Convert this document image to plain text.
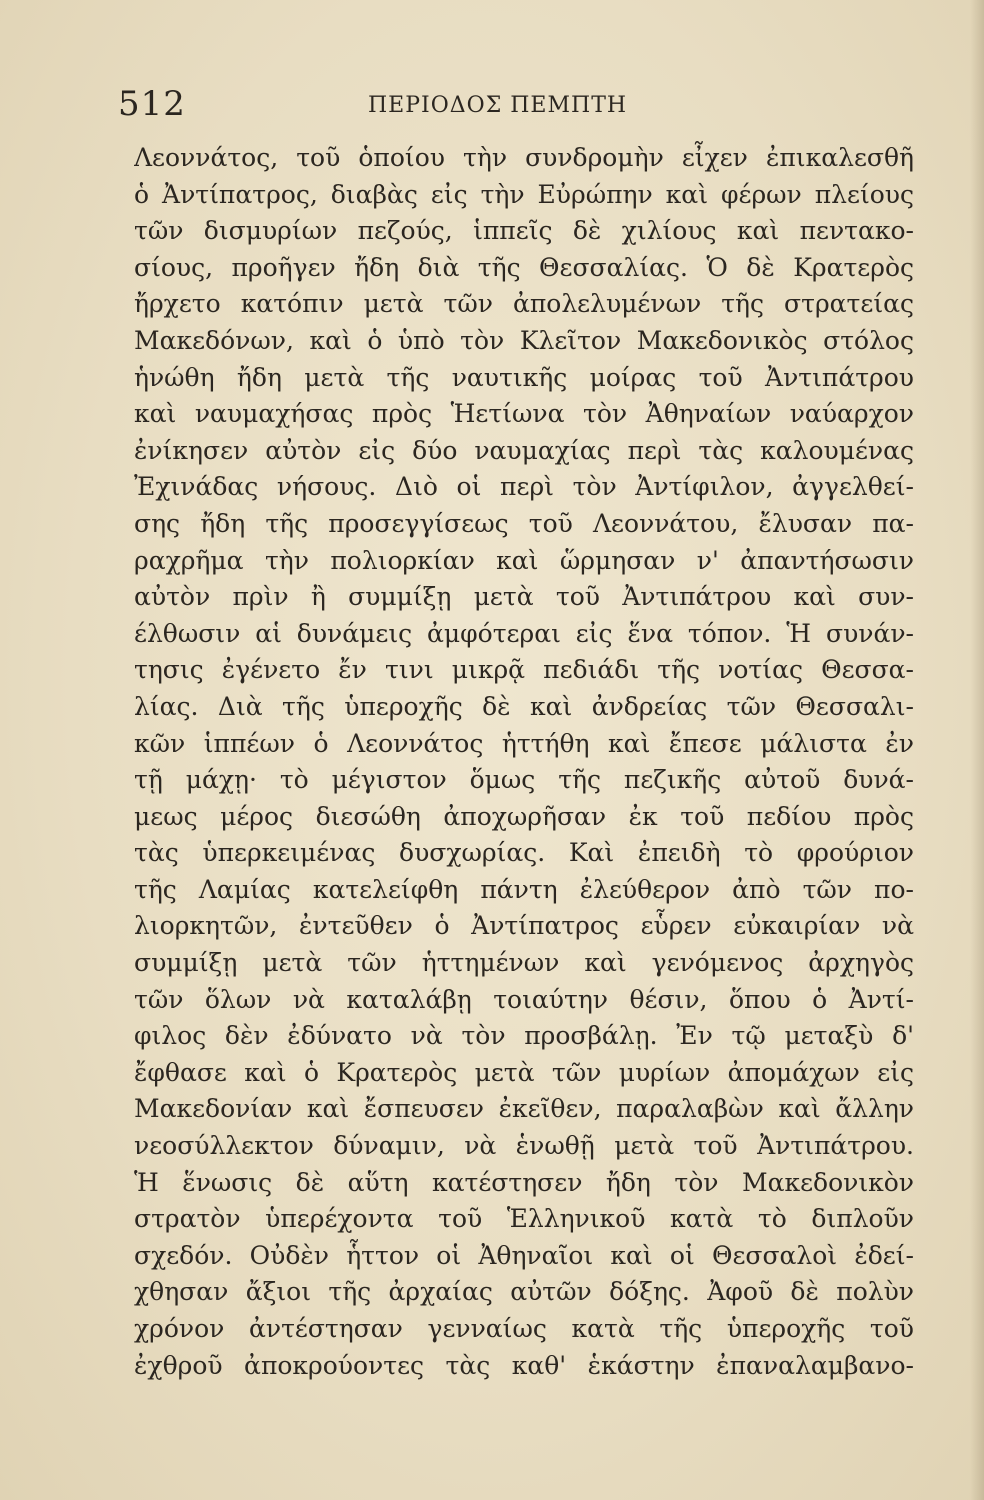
512	ΠΕΡΙΟΔΟΣ ΠΕΜΠΤΗ
Λεοννάτος, τοῦ ὁποίου τὴν συνδρομὴν εἶχεν ἐπικαλεσθῆ
ὁ Ἀντίπατρος, διαβὰς εἰς τὴν Εὐρώπην καὶ φέρων πλείους
τῶν δισμυρίων πεζούς, ἱππεῖς δὲ χιλίους καὶ πεντακο-
σίους, προῆγεν ἤδη διὰ τῆς Θεσσαλίας. Ὁ δὲ Κρατερὸς
ἤρχετο κατόπιν μετὰ τῶν ἀπολελυμένων τῆς στρατείας
Μακεδόνων, καὶ ὁ ὑπὸ τὸν Κλεῖτον Μακεδονικὸς στόλος
ἡνώθη ἤδη μετὰ τῆς ναυτικῆς μοίρας τοῦ Ἀντιπάτρου
καὶ ναυμαχήσας πρὸς Ἡετίωνα τὸν Ἀθηναίων ναύαρχον
ἐνίκησεν αὐτὸν εἰς δύο ναυμαχίας περὶ τὰς καλουμένας
Ἐχινάδας νήσους. Διὸ οἱ περὶ τὸν Ἀντίφιλον, ἀγγελθεί-
σης ἤδη τῆς προσεγγίσεως τοῦ Λεοννάτου, ἔλυσαν πα-
ραχρῆμα τὴν πολιορκίαν καὶ ὥρμησαν ν' ἀπαντήσωσιν
αὐτὸν πρὶν ἢ συμμίξῃ μετὰ τοῦ Ἀντιπάτρου καὶ συν-
έλθωσιν αἱ δυνάμεις ἀμφότεραι εἰς ἕνα τόπον. Ἡ συνάν-
τησις ἐγένετο ἔν τινι μικρᾷ πεδιάδι τῆς νοτίας Θεσσα-
λίας. Διὰ τῆς ὑπεροχῆς δὲ καὶ ἀνδρείας τῶν Θεσσαλι-
κῶν ἱππέων ὁ Λεοννάτος ἡττήθη καὶ ἔπεσε μάλιστα ἐν
τῇ μάχῃ· τὸ μέγιστον ὅμως τῆς πεζικῆς αὐτοῦ δυνά-
μεως μέρος διεσώθη ἀποχωρῆσαν ἐκ τοῦ πεδίου πρὸς
τὰς ὑπερκειμένας δυσχωρίας. Καὶ ἐπειδὴ τὸ φρούριον
τῆς Λαμίας κατελείφθη πάντη ἐλεύθερον ἀπὸ τῶν πο-
λιορκητῶν, ἐντεῦθεν ὁ Ἀντίπατρος εὗρεν εὐκαιρίαν νὰ
συμμίξῃ μετὰ τῶν ἡττημένων καὶ γενόμενος ἀρχηγὸς
τῶν ὅλων νὰ καταλάβῃ τοιαύτην θέσιν, ὅπου ὁ Ἀντί-
φιλος δὲν ἐδύνατο νὰ τὸν προσβάλῃ. Ἐν τῷ μεταξὺ δ'
ἔφθασε καὶ ὁ Κρατερὸς μετὰ τῶν μυρίων ἀπομάχων εἰς
Μακεδονίαν καὶ ἔσπευσεν ἐκεῖθεν, παραλαβὼν καὶ ἄλλην
νεοσύλλεκτον δύναμιν, νὰ ἑνωθῇ μετὰ τοῦ Ἀντιπάτρου.
Ἡ ἕνωσις δὲ αὕτη κατέστησεν ἤδη τὸν Μακεδονικὸν
στρατὸν ὑπερέχοντα τοῦ Ἑλληνικοῦ κατὰ τὸ διπλοῦν
σχεδόν. Οὐδὲν ἧττον οἱ Ἀθηναῖοι καὶ οἱ Θεσσαλοὶ ἐδεί-
χθησαν ἄξιοι τῆς ἀρχαίας αὐτῶν δόξης. Ἀφοῦ δὲ πολὺν
χρόνον ἀντέστησαν γενναίως κατὰ τῆς ὑπεροχῆς τοῦ
ἐχθροῦ ἀποκρούοντες τὰς καθ' ἑκάστην ἐπαναλαμβανο-
